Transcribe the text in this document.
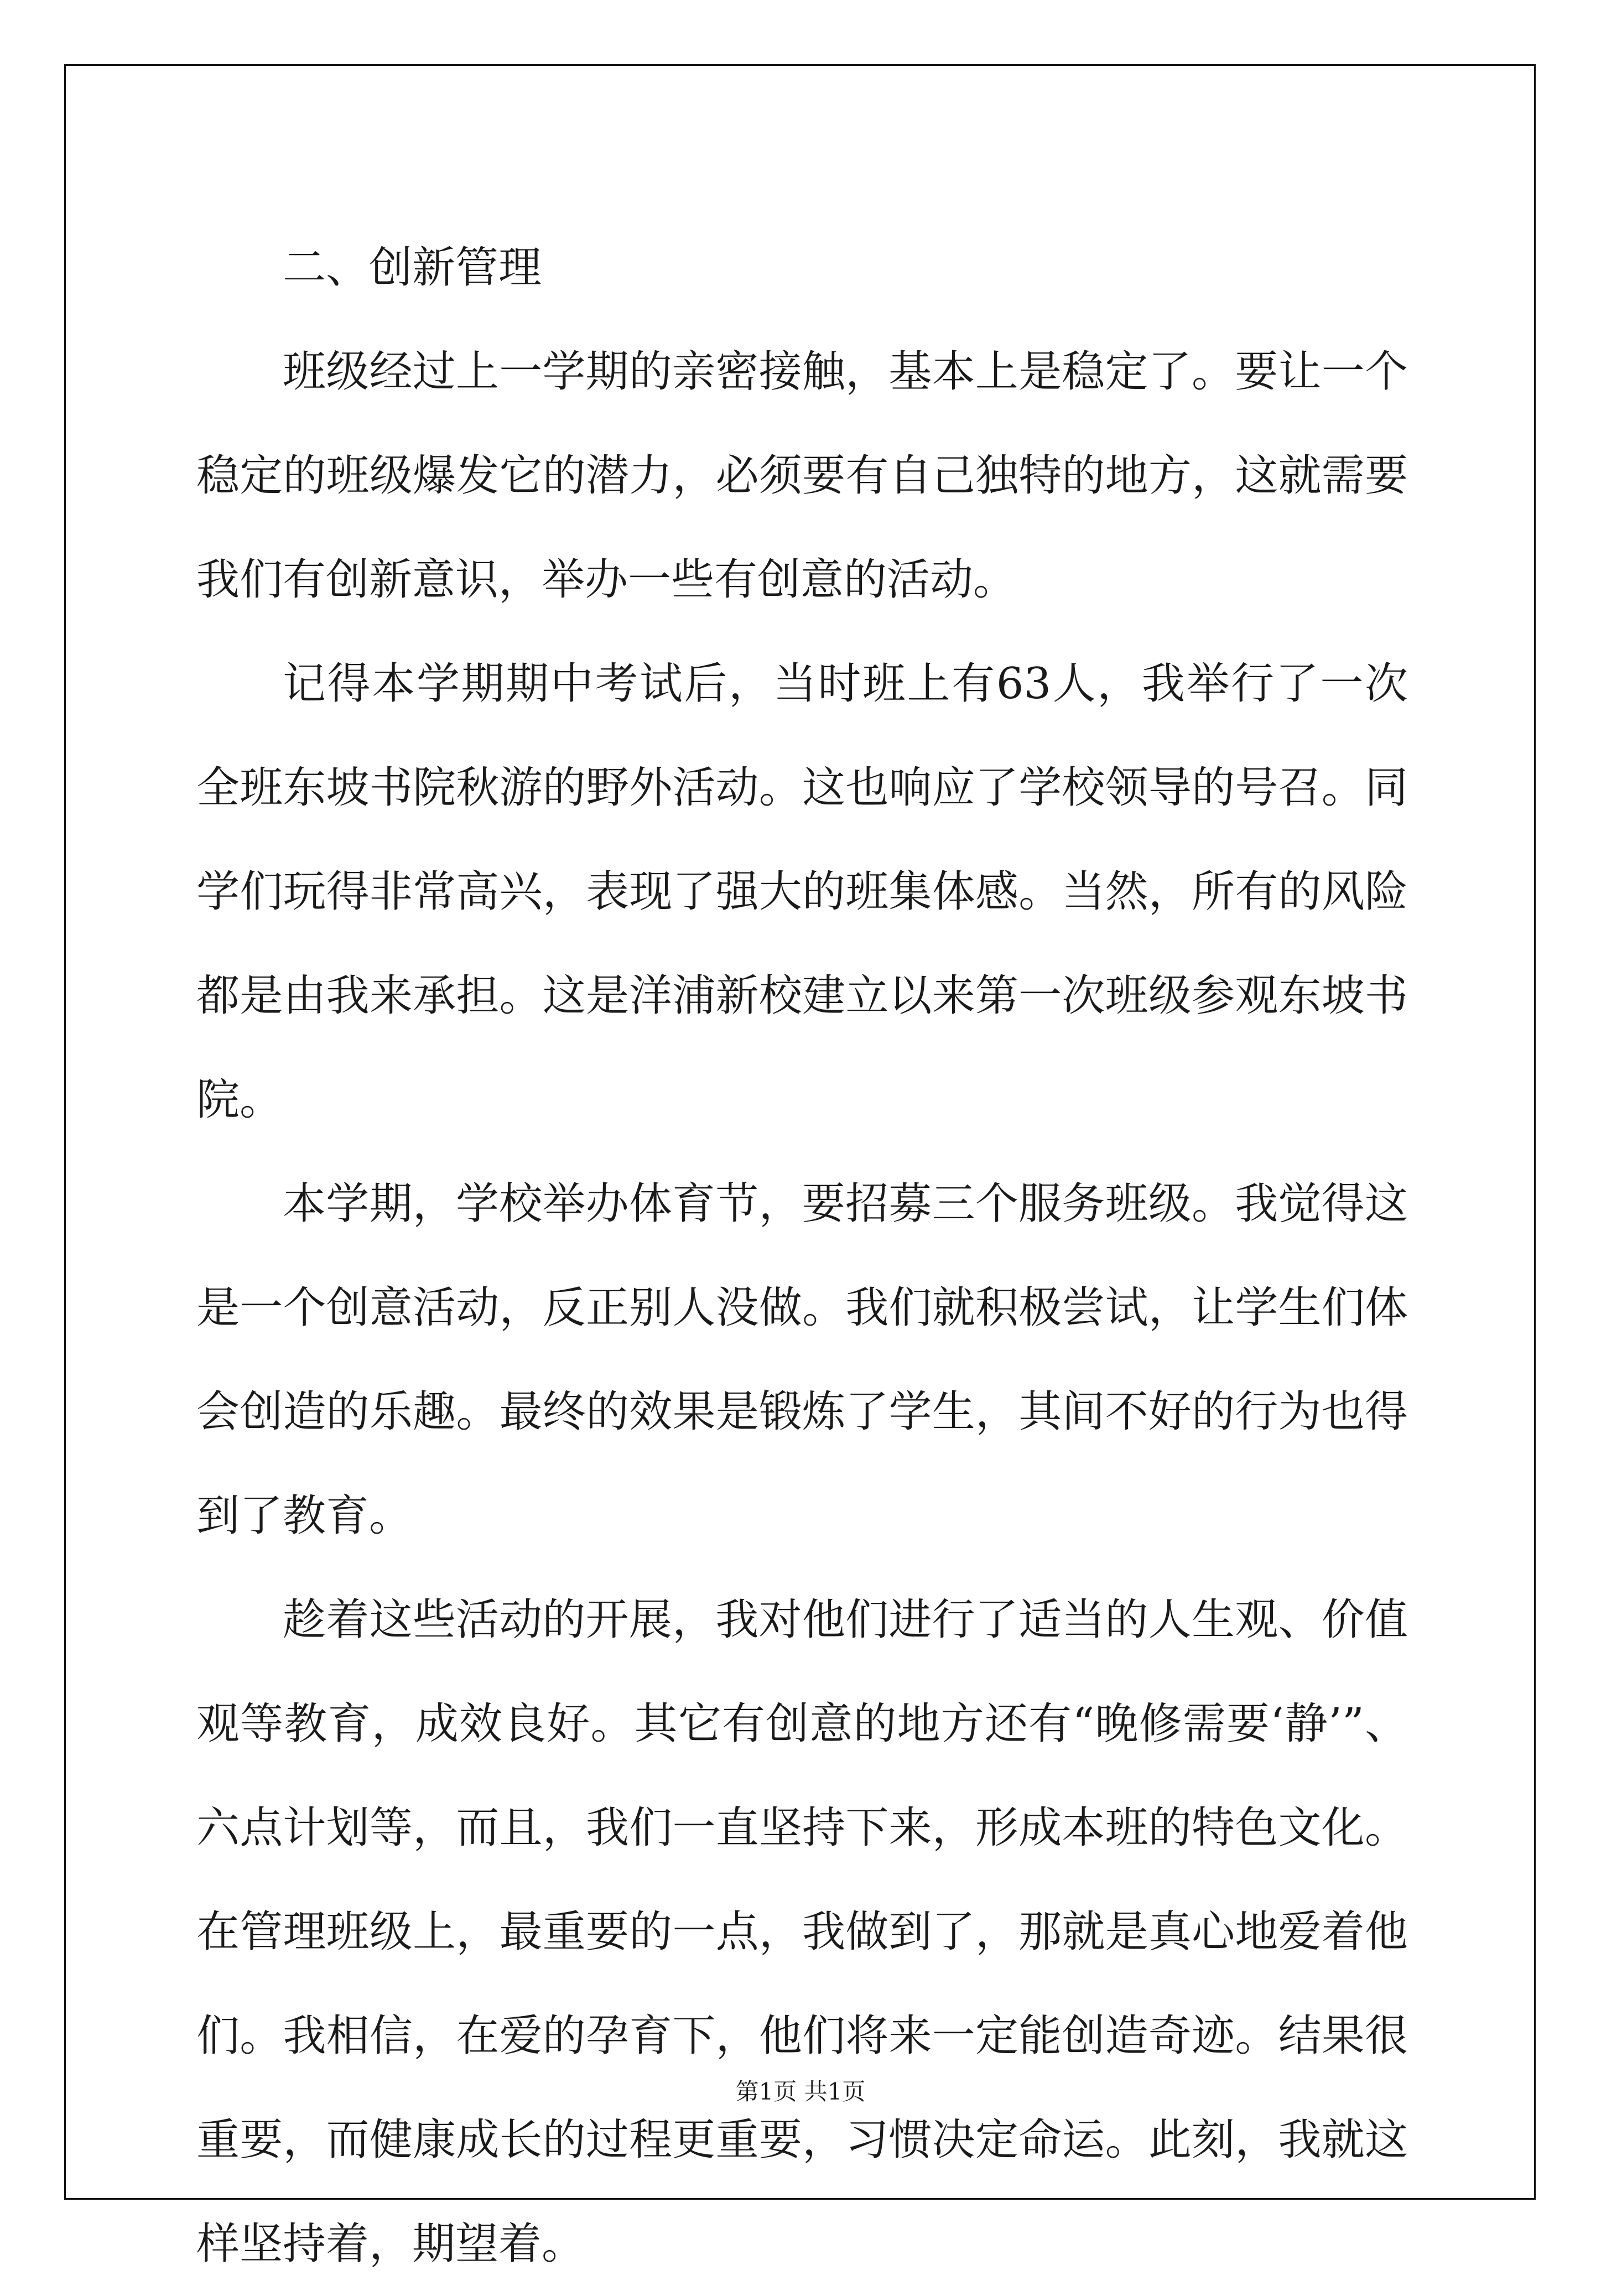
二、创新管理

班级经过上一学期的亲密接触，基本上是稳定了。要让一个稳定的班级爆发它的潜力，必须要有自己独特的地方，这就需要我们有创新意识，举办一些有创意的活动。

记得本学期期中考试后，当时班上有63人，我举行了一次全班东坡书院秋游的野外活动。这也响应了学校领导的号召。同学们玩得非常高兴，表现了强大的班集体感。当然，所有的风险都是由我来承担。这是洋浦新校建立以来第一次班级参观东坡书院。

本学期，学校举办体育节，要招募三个服务班级。我觉得这是一个创意活动，反正别人没做。我们就积极尝试，让学生们体会创造的乐趣。最终的效果是锻炼了学生，其间不好的行为也得到了教育。

趁着这些活动的开展，我对他们进行了适当的人生观、价值观等教育，成效良好。其它有创意的地方还有“晚修需要‘静’”、六点计划等，而且，我们一直坚持下来，形成本班的特色文化。在管理班级上，最重要的一点，我做到了，那就是真心地爱着他们。我相信，在爱的孕育下，他们将来一定能创造奇迹。结果很重要，而健康成长的过程更重要，习惯决定命运。此刻，我就这样坚持着，期望着。

第1页 共1页
